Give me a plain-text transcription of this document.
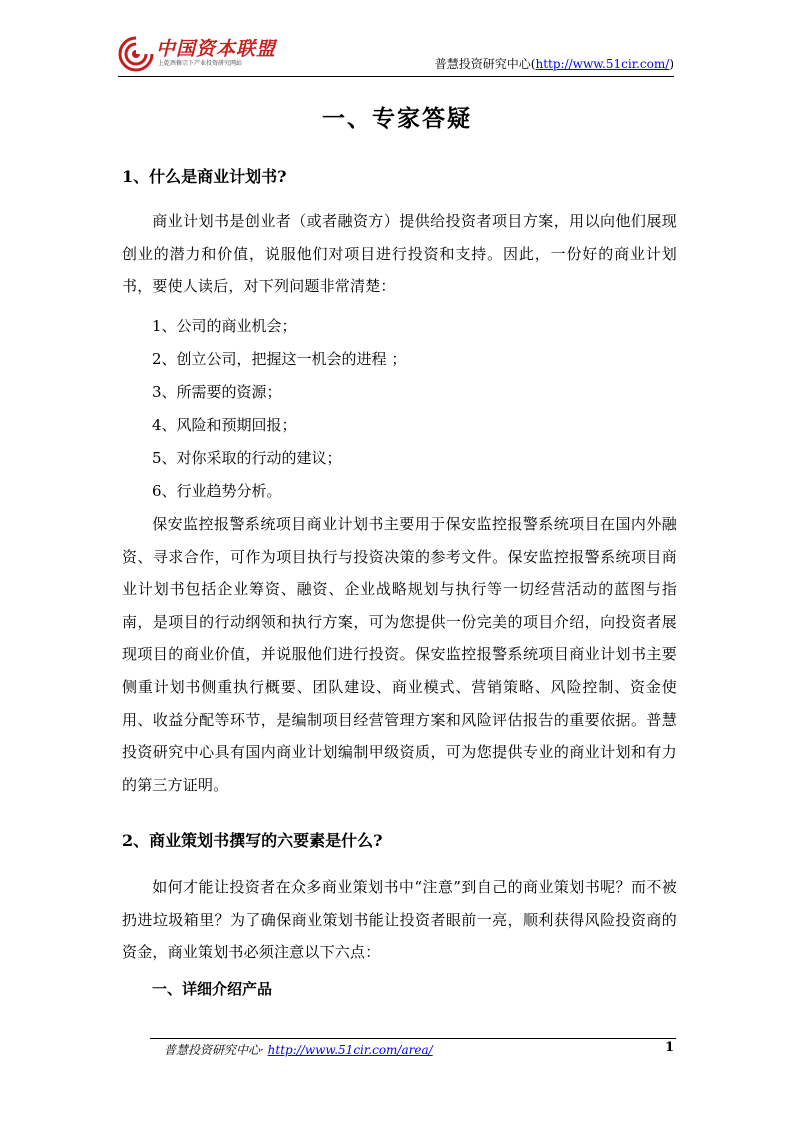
中国资本联盟
上乾酉修宗下产业投资研究网站	普慧投资研究中心(http://www.51cir.com/)
一、专家答疑
1、什么是商业计划书?
商业计划书是创业者（或者融资方）提供给投资者项目方案，用以向他们展现创业的潜力和价值，说服他们对项目进行投资和支持。因此，一份好的商业计划书，要使人读后，对下列问题非常清楚：
1、公司的商业机会；
2、创立公司，把握这一机会的进程 ；
3、所需要的资源；
4、风险和预期回报；
5、对你采取的行动的建议；
6、行业趋势分析。
保安监控报警系统项目商业计划书主要用于保安监控报警系统项目在国内外融资、寻求合作，可作为项目执行与投资决策的参考文件。保安监控报警系统项目商业计划书包括企业筹资、融资、企业战略规划与执行等一切经营活动的蓝图与指南，是项目的行动纲领和执行方案，可为您提供一份完美的项目介绍，向投资者展现项目的商业价值，并说服他们进行投资。保安监控报警系统项目商业计划书主要侧重计划书侧重执行概要、团队建设、商业模式、营销策略、风险控制、资金使用、收益分配等环节，是编制项目经营管理方案和风险评估报告的重要依据。普慧投资研究中心具有国内商业计划编制甲级资质，可为您提供专业的商业计划和有力的第三方证明。
2、商业策划书撰写的六要素是什么?
如何才能让投资者在众多商业策划书中“注意”到自己的商业策划书呢？而不被扔进垃圾箱里？为了确保商业策划书能让投资者眼前一亮，顺利获得风险投资商的资金，商业策划书必须注意以下六点：
一、详细介绍产品
普慧投资研究中心· http://www.51cir.com/area/	1
